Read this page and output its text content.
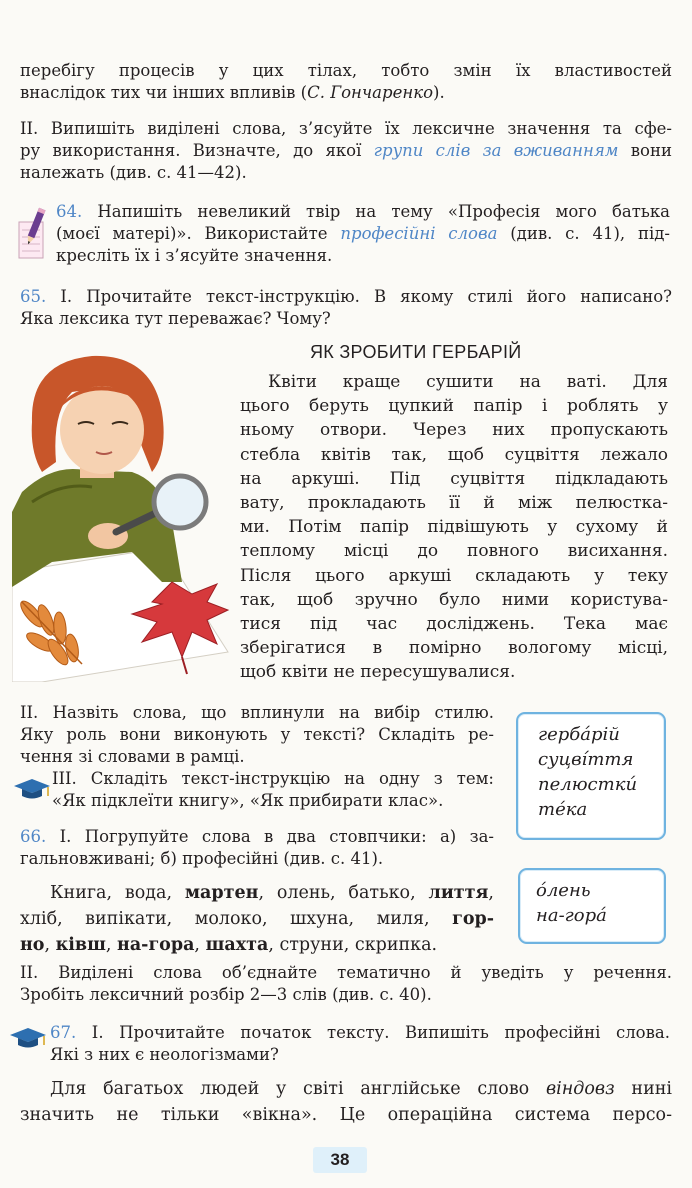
перебігу процесів у цих тілах, тобто змін їх властивостей

внаслідок тих чи інших впливів (С. Гончаренко).

II. Випишіть виділені слова, з’ясуйте їх лексичне значення та сфе-

ру використання. Визначте, до якої групи слів за вживанням вони

належать (див. с. 41—42).

64. Напишіть невеликий твір на тему «Професія мого батька

(моєї матері)». Використайте професійні слова (див. с. 41), під-

кресліть їх і з’ясуйте значення.

65. I. Прочитайте текст-інструкцію. В якому стилі його написано?

Яка лексика тут переважає? Чому?

ЯК ЗРОБИТИ ГЕРБАРІЙ
Квіти краще сушити на ваті. Для
цього беруть цупкий папір і роблять у
ньому отвори. Через них пропускають
стебла квітів так, щоб суцвіття лежало
на аркуші. Під суцвіття підкладають
вату, прокладають її й між пелюстка-
ми. Потім папір підвішують у сухому й
теплому місці до повного висихання.
Після цього аркуші складають у теку
так, щоб зручно було ними користува-
тися під час досліджень. Тека має
зберігатися в помірно вологому місці,
щоб квіти не пересушувалися.

II. Назвіть слова, що вплинули на вибір стилю.

Яку роль вони виконують у тексті? Складіть ре-

чення зі словами в рамці.

III. Складіть текст-інструкцію на одну з тем:

«Як підклеїти книгу», «Як прибирати клас».

гербáрій
суцвíття
пелюсткú
тéка

66. I. Погрупуйте слова в два стовпчики: а) за-

гальновживані; б) професійні (див. с. 41).

Книга, вода, мартен, олень, батько, лиття,

хліб, випікати, молоко, шхуна, миля, гор-

но, ківш, на-гора, шахта, струни, скрипка.

óлень
на-горá

II. Виділені слова об’єднайте тематично й уведіть у речення.

Зробіть лексичний розбір 2—3 слів (див. с. 40).

67. I. Прочитайте початок тексту. Випишіть професійні слова.

Які з них є неологізмами?

Для багатьох людей у світі англійське слово віндовз нині

значить не тільки «вікна». Це операційна система персо-

38
